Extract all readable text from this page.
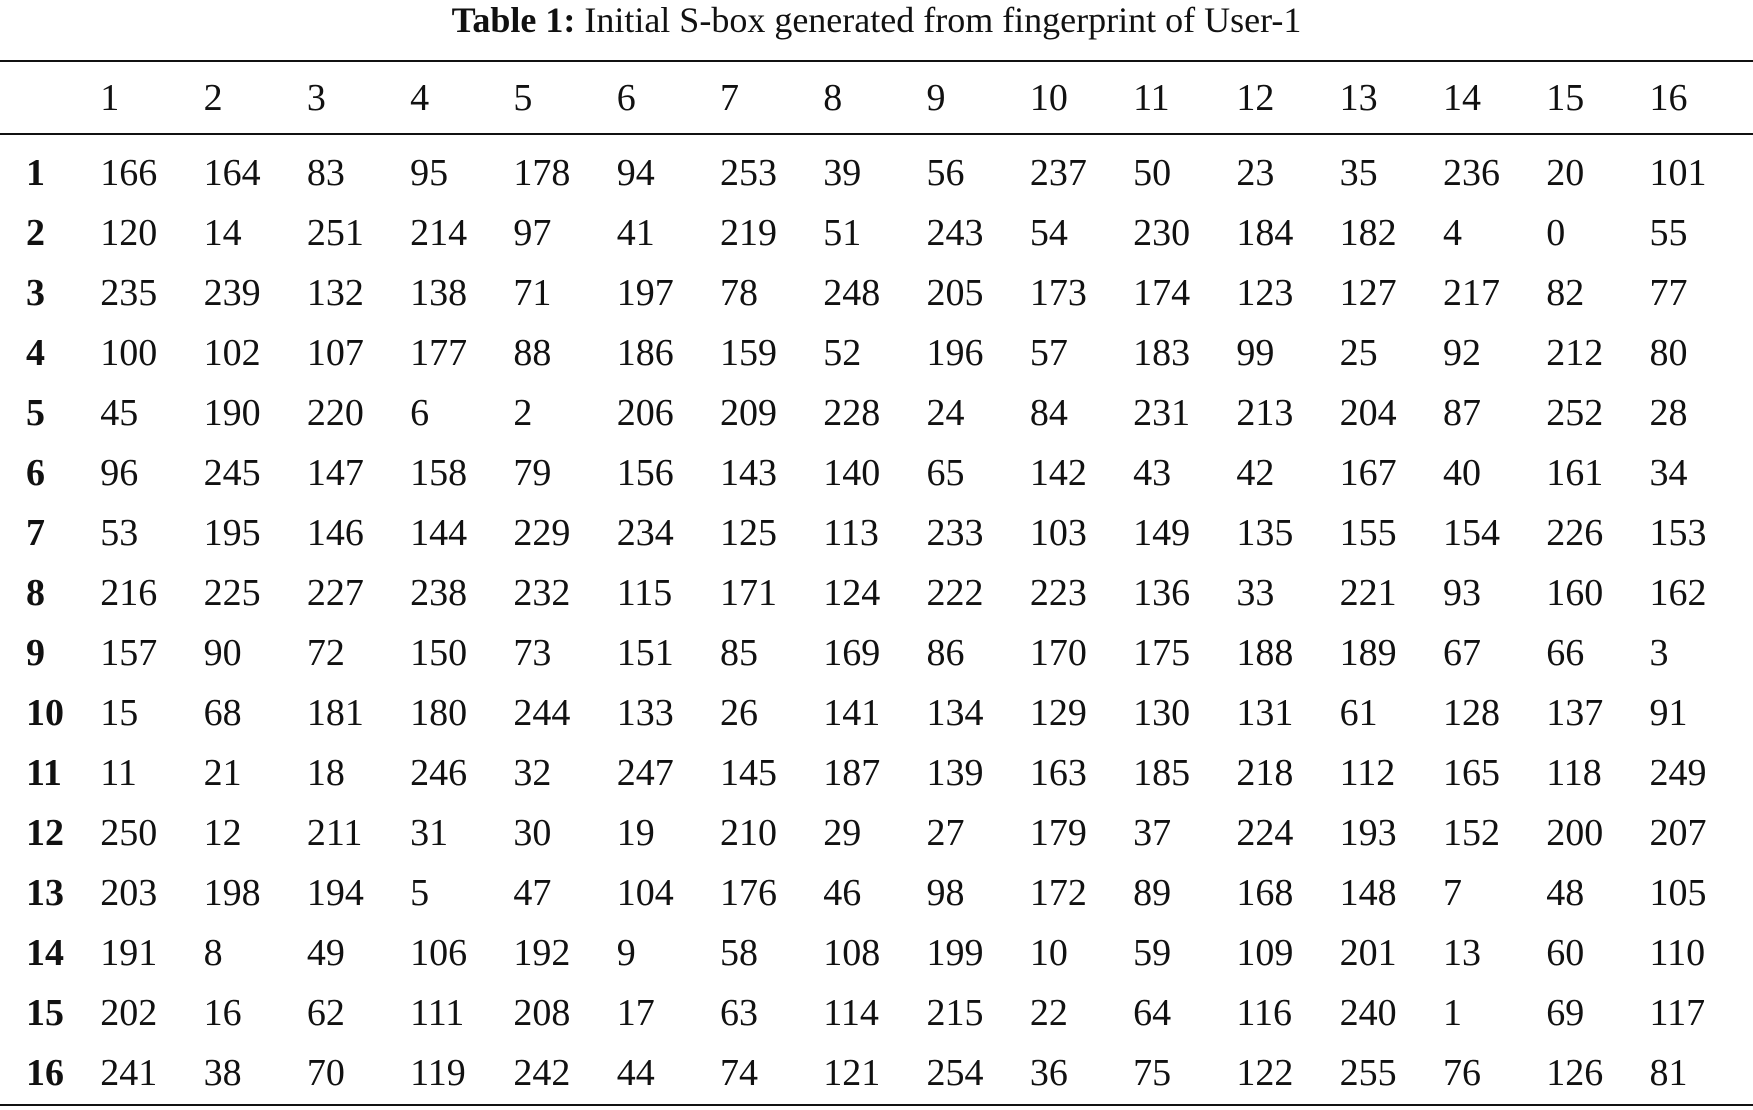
Table 1: Initial S-box generated from fingerprint of User-1
	1	2	3	4	5	6	7	8	9	10	11	12	13	14	15	16
1	166	164	83	95	178	94	253	39	56	237	50	23	35	236	20	101
2	120	14	251	214	97	41	219	51	243	54	230	184	182	4	0	55
3	235	239	132	138	71	197	78	248	205	173	174	123	127	217	82	77
4	100	102	107	177	88	186	159	52	196	57	183	99	25	92	212	80
5	45	190	220	6	2	206	209	228	24	84	231	213	204	87	252	28
6	96	245	147	158	79	156	143	140	65	142	43	42	167	40	161	34
7	53	195	146	144	229	234	125	113	233	103	149	135	155	154	226	153
8	216	225	227	238	232	115	171	124	222	223	136	33	221	93	160	162
9	157	90	72	150	73	151	85	169	86	170	175	188	189	67	66	3
10	15	68	181	180	244	133	26	141	134	129	130	131	61	128	137	91
11	11	21	18	246	32	247	145	187	139	163	185	218	112	165	118	249
12	250	12	211	31	30	19	210	29	27	179	37	224	193	152	200	207
13	203	198	194	5	47	104	176	46	98	172	89	168	148	7	48	105
14	191	8	49	106	192	9	58	108	199	10	59	109	201	13	60	110
15	202	16	62	111	208	17	63	114	215	22	64	116	240	1	69	117
16	241	38	70	119	242	44	74	121	254	36	75	122	255	76	126	81
